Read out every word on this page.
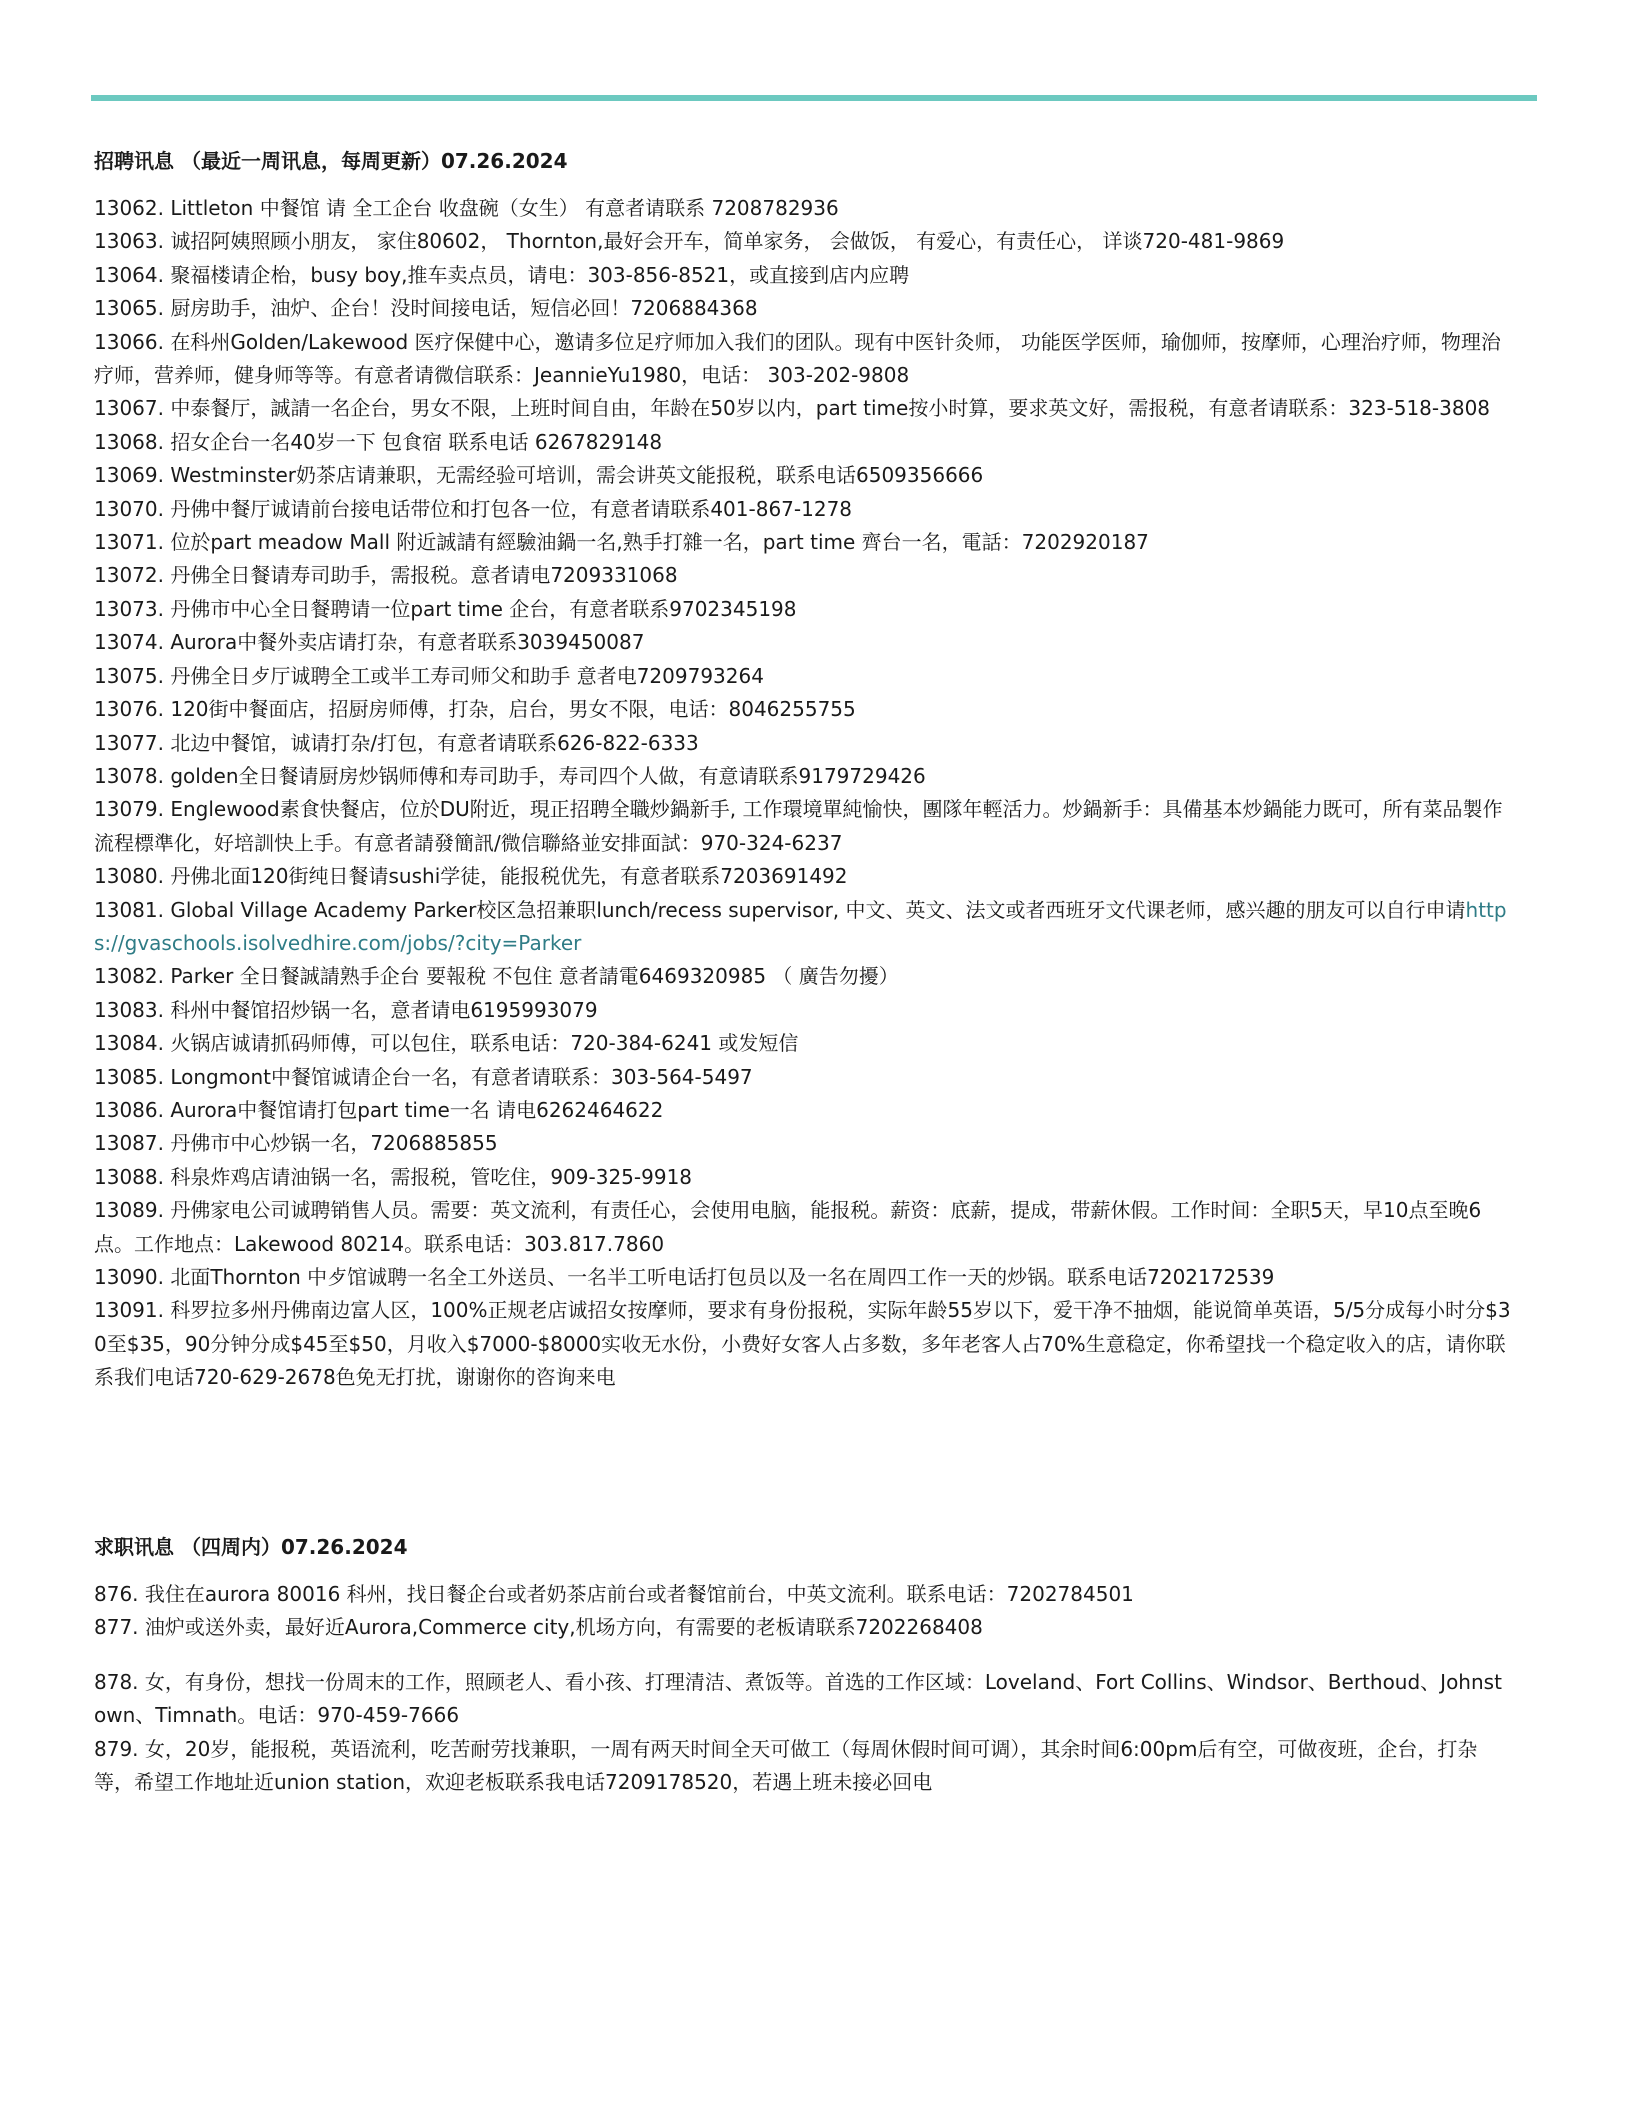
招聘讯息 （最近一周讯息，每周更新）07.26.2024
13062. Littleton 中餐馆 请 全工企台 收盘碗（女生） 有意者请联系 7208782936
13063. 诚招阿姨照顾小朋友， 家住80602， Thornton,最好会开车，简单家务， 会做饭， 有爱心，有责任心， 详谈720-481-9869
13064. 聚福楼请企枱，busy boy,推车卖点员，请电：303-856-8521，或直接到店内应聘
13065. 厨房助手，油炉、企台！没时间接电话，短信必回！7206884368
13066. 在科州Golden/Lakewood 医疗保健中心，邀请多位足疗师加入我们的团队。现有中医针灸师， 功能医学医师，瑜伽师，按摩师，心理治疗师，物理治疗师，营养师，健身师等等。有意者请微信联系：JeannieYu1980，电话： 303-202-9808
13067. 中泰餐厅，誠請一名企台，男女不限，上班时间自由，年龄在50岁以内，part time按小时算，要求英文好，需报税，有意者请联系：323-518-3808
13068. 招女企台一名40岁一下 包食宿 联系电话 6267829148
13069. Westminster奶茶店请兼职，无需经验可培训，需会讲英文能报税，联系电话6509356666
13070. 丹佛中餐厅诚请前台接电话带位和打包各一位，有意者请联系401-867-1278
13071. 位於part meadow Mall 附近誠請有經驗油鍋一名,熟手打雜一名，part time 齊台一名，電話：7202920187
13072. 丹佛全日餐请寿司助手，需报税。意者请电7209331068
13073. 丹佛市中心全日餐聘请一位part time 企台，有意者联系9702345198
13074. Aurora中餐外卖店请打杂，有意者联系3039450087
13075. 丹佛全日歺厅诚聘全工或半工寿司师父和助手 意者电7209793264
13076. 120街中餐面店，招厨房师傅，打杂，启台，男女不限，电话：8046255755
13077. 北边中餐馆，诚请打杂/打包，有意者请联系626-822-6333
13078. golden全日餐请厨房炒锅师傅和寿司助手，寿司四个人做，有意请联系9179729426
13079. Englewood素食快餐店，位於DU附近，現正招聘全職炒鍋新手, 工作環境單純愉快，團隊年輕活力。炒鍋新手：具備基本炒鍋能力既可，所有菜品製作流程標準化，好培訓快上手。有意者請發簡訊/微信聯絡並安排面試：970-324-6237
13080. 丹佛北面120街纯日餐请sushi学徒，能报税优先，有意者联系7203691492
13081. Global Village Academy Parker校区急招兼职lunch/recess supervisor, 中文、英文、法文或者西班牙文代课老师，感兴趣的朋友可以自行申请https://gvaschools.isolvedhire.com/jobs/?city=Parker
13082. Parker 全日餐誠請熟手企台 要報稅 不包住 意者請電6469320985 （ 廣告勿擾）
13083. 科州中餐馆招炒锅一名，意者请电6195993079
13084. 火锅店诚请抓码师傅，可以包住，联系电话：720-384-6241 或发短信
13085. Longmont中餐馆诚请企台一名，有意者请联系：303-564-5497
13086. Aurora中餐馆请打包part time一名 请电6262464622
13087. 丹佛市中心炒锅一名，7206885855
13088. 科泉炸鸡店请油锅一名，需报税，管吃住，909-325-9918
13089. 丹佛家电公司诚聘销售人员。需要：英文流利，有责任心，会使用电脑，能报税。薪资：底薪，提成，带薪休假。工作时间：全职5天，早10点至晚6点。工作地点：Lakewood 80214。联系电话：303.817.7860
13090. 北面Thornton 中歺馆诚聘一名全工外送员、一名半工听电话打包员以及一名在周四工作一天的炒锅。联系电话7202172539
13091. 科罗拉多州丹佛南边富人区，100%正规老店诚招女按摩师，要求有身份报税，实际年龄55岁以下，爱干净不抽烟，能说简单英语，5/5分成每小时分$30至$35，90分钟分成$45至$50，月收入$7000-$8000实收无水份，小费好女客人占多数，多年老客人占70%生意稳定，你希望找一个稳定收入的店，请你联系我们电话720-629-2678色免无打扰，谢谢你的咨询来电
求职讯息 （四周内）07.26.2024
876. 我住在aurora 80016 科州，找日餐企台或者奶茶店前台或者餐馆前台，中英文流利。联系电话：7202784501
877. 油炉或送外卖，最好近Aurora,Commerce city,机场方向，有需要的老板请联系7202268408
878. 女，有身份，想找一份周末的工作，照顾老人、看小孩、打理清洁、煮饭等。首选的工作区域：Loveland、Fort Collins、Windsor、Berthoud、Johnstown、Timnath。电话：970-459-7666
879. 女，20岁，能报税，英语流利，吃苦耐劳找兼职，一周有两天时间全天可做工（每周休假时间可调），其余时间6:00pm后有空，可做夜班，企台，打杂等，希望工作地址近union station，欢迎老板联系我电话7209178520，若遇上班未接必回电
